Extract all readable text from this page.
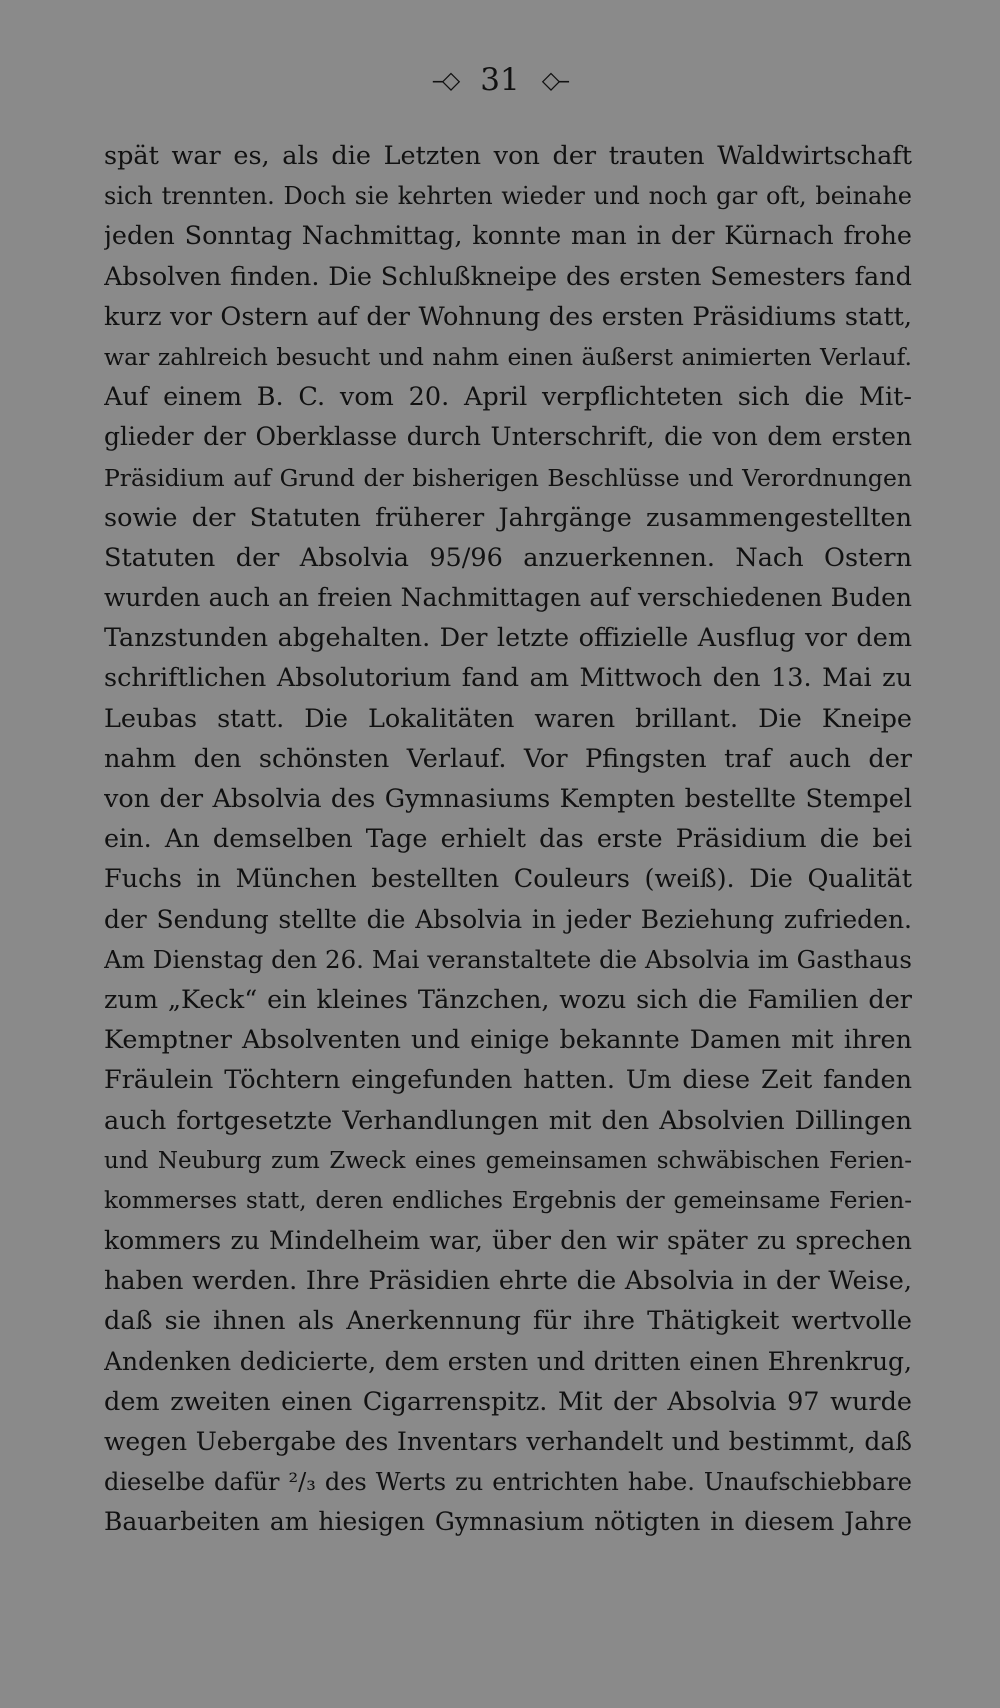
–◇ 31 ◇–
spät war es, als die Letzten von der trauten Waldwirtschaft
sich trennten. Doch sie kehrten wieder und noch gar oft, beinahe
jeden Sonntag Nachmittag, konnte man in der Kürnach frohe
Absolven finden. Die Schlußkneipe des ersten Semesters fand
kurz vor Ostern auf der Wohnung des ersten Präsidiums statt,
war zahlreich besucht und nahm einen äußerst animierten Verlauf.
Auf einem B. C. vom 20. April verpflichteten sich die Mit-
glieder der Oberklasse durch Unterschrift, die von dem ersten
Präsidium auf Grund der bisherigen Beschlüsse und Verordnungen
sowie der Statuten früherer Jahrgänge zusammengestellten
Statuten der Absolvia 95/96 anzuerkennen. Nach Ostern
wurden auch an freien Nachmittagen auf verschiedenen Buden
Tanzstunden abgehalten. Der letzte offizielle Ausflug vor dem
schriftlichen Absolutorium fand am Mittwoch den 13. Mai zu
Leubas statt. Die Lokalitäten waren brillant. Die Kneipe
nahm den schönsten Verlauf. Vor Pfingsten traf auch der
von der Absolvia des Gymnasiums Kempten bestellte Stempel
ein. An demselben Tage erhielt das erste Präsidium die bei
Fuchs in München bestellten Couleurs (weiß). Die Qualität
der Sendung stellte die Absolvia in jeder Beziehung zufrieden.
Am Dienstag den 26. Mai veranstaltete die Absolvia im Gasthaus
zum „Keck“ ein kleines Tänzchen, wozu sich die Familien der
Kemptner Absolventen und einige bekannte Damen mit ihren
Fräulein Töchtern eingefunden hatten. Um diese Zeit fanden
auch fortgesetzte Verhandlungen mit den Absolvien Dillingen
und Neuburg zum Zweck eines gemeinsamen schwäbischen Ferien-
kommerses statt, deren endliches Ergebnis der gemeinsame Ferien-
kommers zu Mindelheim war, über den wir später zu sprechen
haben werden. Ihre Präsidien ehrte die Absolvia in der Weise,
daß sie ihnen als Anerkennung für ihre Thätigkeit wertvolle
Andenken dedicierte, dem ersten und dritten einen Ehrenkrug,
dem zweiten einen Cigarrenspitz. Mit der Absolvia 97 wurde
wegen Uebergabe des Inventars verhandelt und bestimmt, daß
dieselbe dafür ²/₃ des Werts zu entrichten habe. Unaufschiebbare
Bauarbeiten am hiesigen Gymnasium nötigten in diesem Jahre
